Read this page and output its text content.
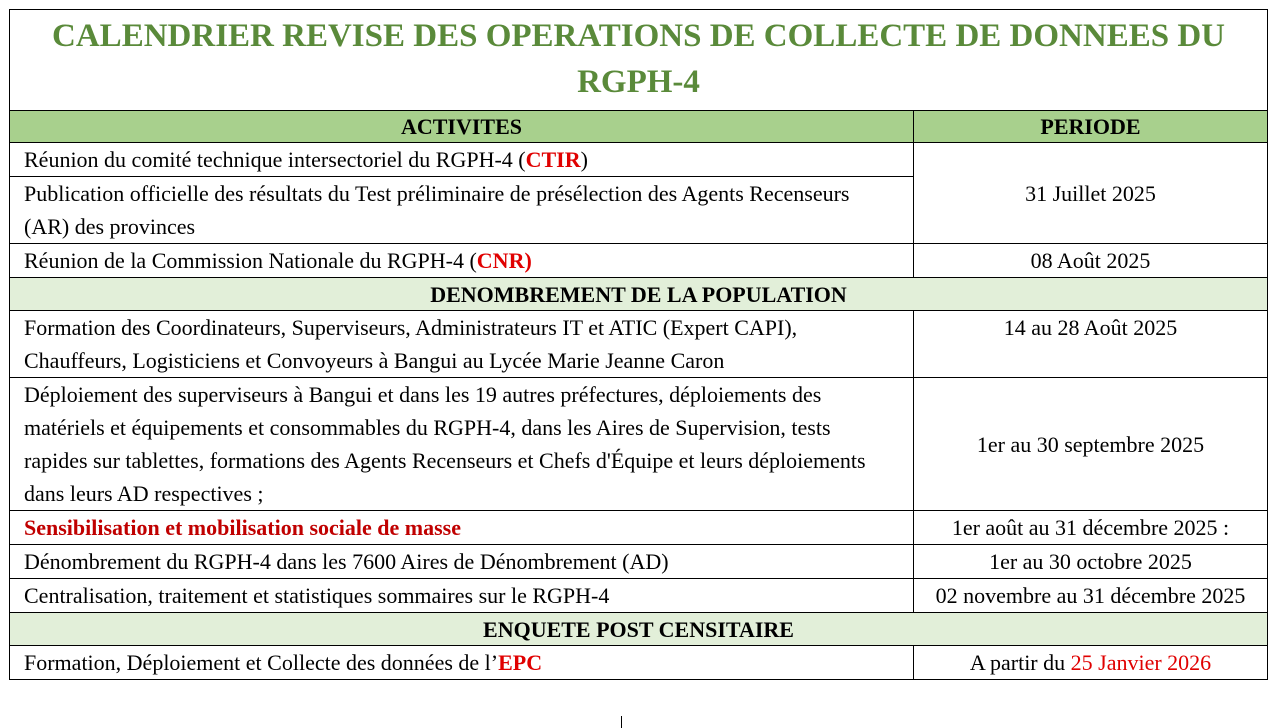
CALENDRIER REVISE DES OPERATIONS DE COLLECTE DE DONNEES DU RGPH-4	
ACTIVITES	PERIODE
Réunion du comité technique intersectoriel du RGPH-4 (CTIR)	31 Juillet 2025
Publication officielle des résultats du Test préliminaire de présélection des Agents Recenseurs (AR) des provinces	
Réunion de la Commission Nationale du RGPH-4 (CNR)	08 Août 2025
DENOMBREMENT DE LA POPULATION	
Formation des Coordinateurs, Superviseurs, Administrateurs IT et ATIC (Expert CAPI), Chauffeurs, Logisticiens et Convoyeurs à Bangui au Lycée Marie Jeanne Caron	14 au 28 Août 2025
Déploiement des superviseurs à Bangui et dans les 19 autres préfectures, déploiements des matériels et équipements et consommables du RGPH-4, dans les Aires de Supervision, tests rapides sur tablettes, formations des Agents Recenseurs et Chefs d'Équipe et leurs déploiements dans leurs AD respectives ;	1er au 30 septembre 2025
Sensibilisation et mobilisation sociale de masse	1er août au 31 décembre 2025 :
Dénombrement du RGPH-4 dans les 7600 Aires de Dénombrement (AD)	1er au 30 octobre 2025
Centralisation, traitement et statistiques sommaires sur le RGPH-4	02 novembre au 31 décembre 2025
ENQUETE POST CENSITAIRE	
Formation, Déploiement et Collecte des données de l’EPC	A partir du 25 Janvier 2026
